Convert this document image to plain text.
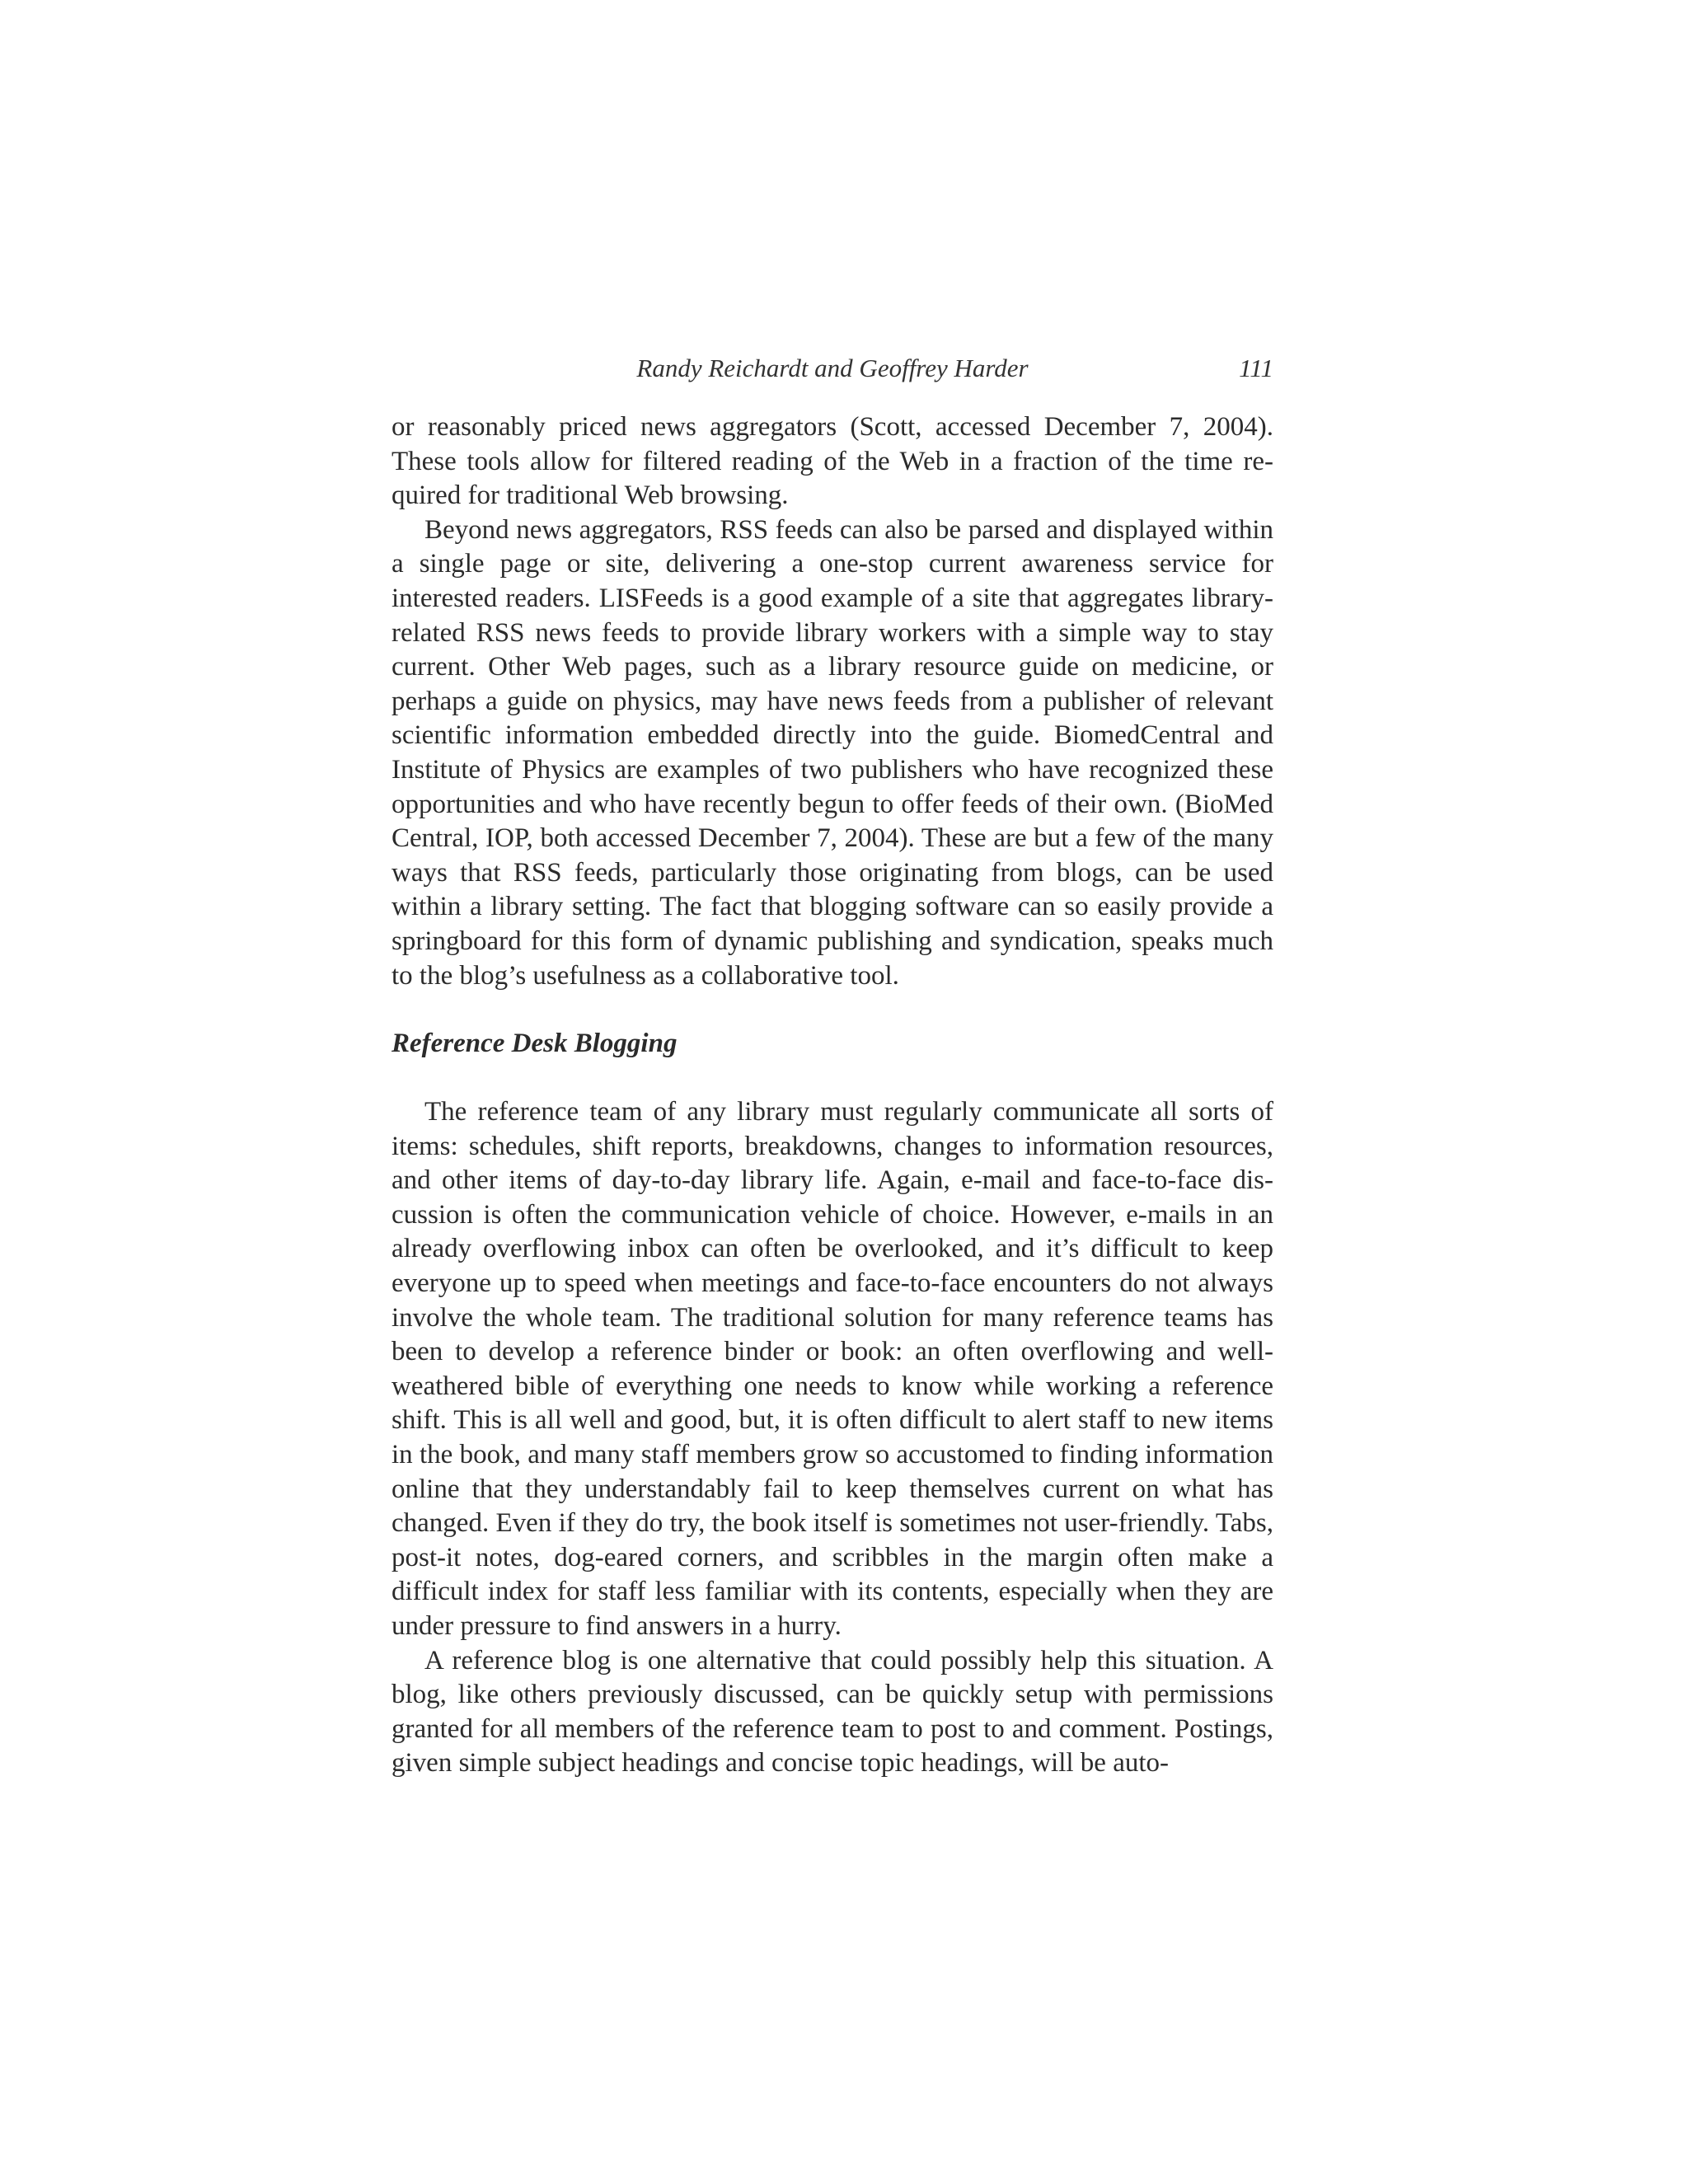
Randy Reichardt and Geoffrey Harder	111

or reasonably priced news aggregators (Scott, accessed December 7, 2004). These tools allow for filtered reading of the Web in a fraction of the time required for traditional Web browsing.

Beyond news aggregators, RSS feeds can also be parsed and displayed within a single page or site, delivering a one-stop current awareness service for interested readers. LISFeeds is a good example of a site that aggregates library-related RSS news feeds to provide library workers with a simple way to stay current. Other Web pages, such as a library resource guide on medicine, or perhaps a guide on physics, may have news feeds from a publisher of relevant scientific information embedded directly into the guide. BiomedCentral and Institute of Physics are examples of two publishers who have recognized these opportunities and who have recently begun to offer feeds of their own. (BioMed Central, IOP, both accessed December 7, 2004). These are but a few of the many ways that RSS feeds, particularly those originating from blogs, can be used within a library setting. The fact that blogging software can so easily provide a springboard for this form of dynamic publishing and syndication, speaks much to the blog’s usefulness as a collaborative tool.

Reference Desk Blogging

The reference team of any library must regularly communicate all sorts of items: schedules, shift reports, breakdowns, changes to information resources, and other items of day-to-day library life. Again, e-mail and face-to-face discussion is often the communication vehicle of choice. However, e-mails in an already overflowing inbox can often be overlooked, and it’s difficult to keep everyone up to speed when meetings and face-to-face encounters do not always involve the whole team. The traditional solution for many reference teams has been to develop a reference binder or book: an often overflowing and well-weathered bible of everything one needs to know while working a reference shift. This is all well and good, but, it is often difficult to alert staff to new items in the book, and many staff members grow so accustomed to finding information online that they understandably fail to keep themselves current on what has changed. Even if they do try, the book itself is sometimes not user-friendly. Tabs, post-it notes, dog-eared corners, and scribbles in the margin often make a difficult index for staff less familiar with its contents, especially when they are under pressure to find answers in a hurry.

A reference blog is one alternative that could possibly help this situation. A blog, like others previously discussed, can be quickly setup with permissions granted for all members of the reference team to post to and comment. Postings, given simple subject headings and concise topic headings, will be auto-
